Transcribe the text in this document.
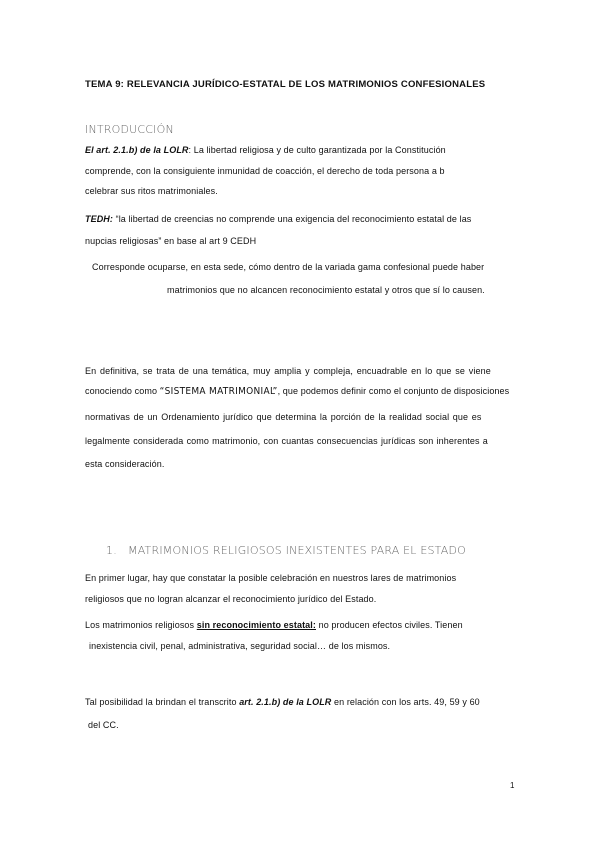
TEMA 9: RELEVANCIA JURÍDICO-ESTATAL DE LOS MATRIMONIOS CONFESIONALES
INTRODUCCIÓN
El art. 2.1.b) de la LOLR: La libertad religiosa y de culto garantizada por la Constitución
comprende, con la consiguiente inmunidad de coacción, el derecho de toda persona a b
celebrar sus ritos matrimoniales.
TEDH: “la libertad de creencias no comprende una exigencia del reconocimiento estatal de las
nupcias religiosas” en base al art 9 CEDH
Corresponde ocuparse, en esta sede, cómo dentro de la variada gama confesional puede haber
matrimonios que no alcancen reconocimiento estatal y otros que sí lo causen.
En definitiva, se trata de una temática, muy amplia y compleja, encuadrable en lo que se viene
conociendo como “SISTEMA MATRIMONIAL”, que podemos definir como el conjunto de disposiciones
normativas de un Ordenamiento jurídico que determina la porción de la realidad social que es
legalmente considerada como matrimonio, con cuantas consecuencias jurídicas son inherentes a
esta consideración.
1. MATRIMONIOS RELIGIOSOS INEXISTENTES PARA EL ESTADO
En primer lugar, hay que constatar la posible celebración en nuestros lares de matrimonios
religiosos que no logran alcanzar el reconocimiento jurídico del Estado.
Los matrimonios religiosos sin reconocimiento estatal: no producen efectos civiles. Tienen
inexistencia civil, penal, administrativa, seguridad social… de los mismos.
Tal posibilidad la brindan el transcrito art. 2.1.b) de la LOLR en relación con los arts. 49, 59 y 60
del CC.
1
